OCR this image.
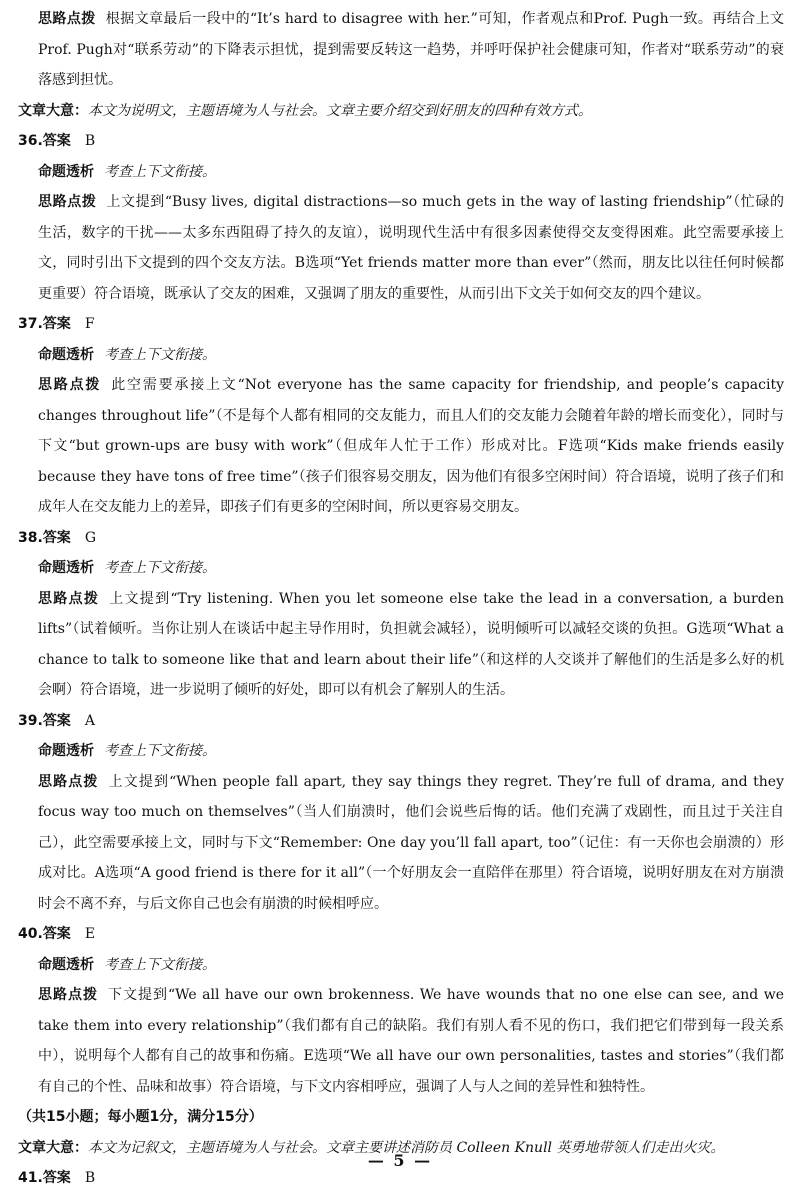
思路点拨 根据文章最后一段中的“It’s hard to disagree with her.”可知，作者观点和Prof. Pugh一致。再结合上文Prof. Pugh对“联系劳动”的下降表示担忧，提到需要反转这一趋势，并呼吁保护社会健康可知，作者对“联系劳动”的衰落感到担忧。

文章大意：本文为说明文，主题语境为人与社会。文章主要介绍交到好朋友的四种有效方式。

36.答案 B

命题透析 考查上下文衔接。

思路点拨 上文提到“Busy lives, digital distractions—so much gets in the way of lasting friendship”（忙碌的生活，数字的干扰——太多东西阻碍了持久的友谊），说明现代生活中有很多因素使得交友变得困难。此空需要承接上文，同时引出下文提到的四个交友方法。B选项“Yet friends matter more than ever”（然而，朋友比以往任何时候都更重要）符合语境，既承认了交友的困难，又强调了朋友的重要性，从而引出下文关于如何交友的四个建议。

37.答案 F

命题透析 考查上下文衔接。

思路点拨 此空需要承接上文“Not everyone has the same capacity for friendship, and people’s capacity changes throughout life”（不是每个人都有相同的交友能力，而且人们的交友能力会随着年龄的增长而变化），同时与下文“but grown-ups are busy with work”（但成年人忙于工作）形成对比。F选项“Kids make friends easily because they have tons of free time”（孩子们很容易交朋友，因为他们有很多空闲时间）符合语境，说明了孩子们和成年人在交友能力上的差异，即孩子们有更多的空闲时间，所以更容易交朋友。

38.答案 G

命题透析 考查上下文衔接。

思路点拨 上文提到“Try listening. When you let someone else take the lead in a conversation, a burden lifts”（试着倾听。当你让别人在谈话中起主导作用时，负担就会减轻），说明倾听可以减轻交谈的负担。G选项“What a chance to talk to someone like that and learn about their life”（和这样的人交谈并了解他们的生活是多么好的机会啊）符合语境，进一步说明了倾听的好处，即可以有机会了解别人的生活。

39.答案 A

命题透析 考查上下文衔接。

思路点拨 上文提到“When people fall apart, they say things they regret. They’re full of drama, and they focus way too much on themselves”（当人们崩溃时，他们会说些后悔的话。他们充满了戏剧性，而且过于关注自己），此空需要承接上文，同时与下文“Remember: One day you’ll fall apart, too”（记住：有一天你也会崩溃的）形成对比。A选项“A good friend is there for it all”（一个好朋友会一直陪伴在那里）符合语境，说明好朋友在对方崩溃时会不离不弃，与后文你自己也会有崩溃的时候相呼应。

40.答案 E

命题透析 考查上下文衔接。

思路点拨 下文提到“We all have our own brokenness. We have wounds that no one else can see, and we take them into every relationship”（我们都有自己的缺陷。我们有别人看不见的伤口，我们把它们带到每一段关系中），说明每个人都有自己的故事和伤痛。E选项“We all have our own personalities, tastes and stories”（我们都有自己的个性、品味和故事）符合语境，与下文内容相呼应，强调了人与人之间的差异性和独特性。

（共15小题；每小题1分，满分15分）

文章大意：本文为记叙文，主题语境为人与社会。文章主要讲述消防员 Colleen Knull 英勇地带领人们走出火灾。

41.答案 B
— 5 —
